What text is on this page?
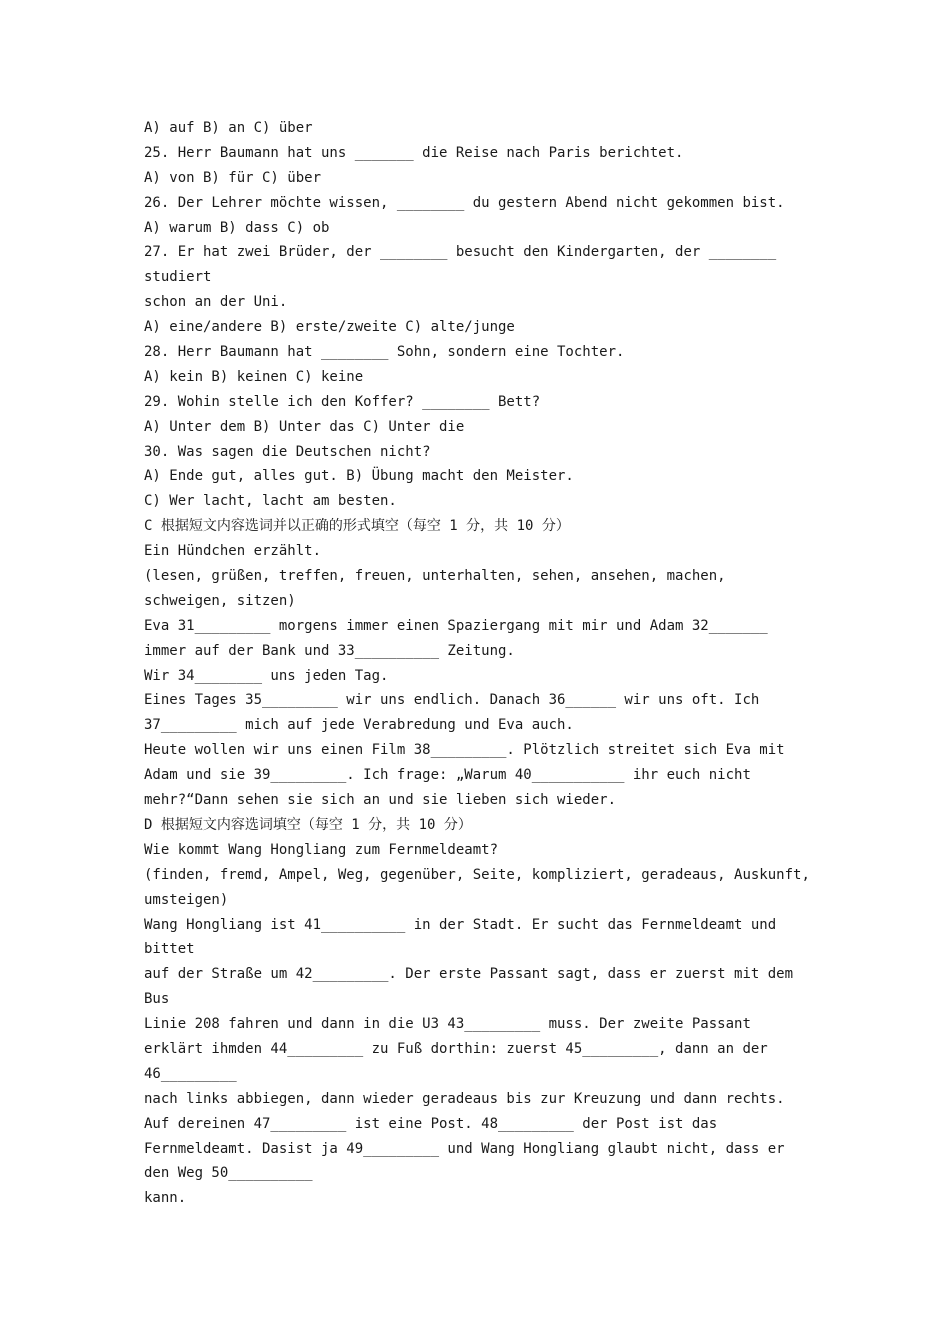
A) auf B) an C) über

25. Herr Baumann hat uns _______ die Reise nach Paris berichtet.

A) von B) für C) über

26. Der Lehrer möchte wissen, ________ du gestern Abend nicht gekommen bist.

A) warum B) dass C) ob

27. Er hat zwei Brüder, der ________ besucht den Kindergarten, der ________

studiert

schon an der Uni.

A) eine/andere B) erste/zweite C) alte/junge

28. Herr Baumann hat ________ Sohn, sondern eine Tochter.

A) kein B) keinen C) keine

29. Wohin stelle ich den Koffer? ________ Bett?

A) Unter dem B) Unter das C) Unter die

30. Was sagen die Deutschen nicht?

A) Ende gut, alles gut. B) Übung macht den Meister.

C) Wer lacht, lacht am besten.

C 根据短文内容选词并以正确的形式填空（每空 1 分，共 10 分）

Ein Hündchen erzählt.

(lesen, grüßen, treffen, freuen, unterhalten, sehen, ansehen, machen,

schweigen, sitzen)

Eva 31_________ morgens immer einen Spaziergang mit mir und Adam 32_______

immer auf der Bank und 33__________ Zeitung.

Wir 34________ uns jeden Tag.

Eines Tages 35_________ wir uns endlich. Danach 36______ wir uns oft. Ich

37_________ mich auf jede Verabredung und Eva auch.

Heute wollen wir uns einen Film 38_________. Plötzlich streitet sich Eva mit

Adam und sie 39_________. Ich frage: „Warum 40___________ ihr euch nicht

mehr?“Dann sehen sie sich an und sie lieben sich wieder.

D 根据短文内容选词填空（每空 1 分，共 10 分）

Wie kommt Wang Hongliang zum Fernmeldeamt?

(finden, fremd, Ampel, Weg, gegenüber, Seite, kompliziert, geradeaus, Auskunft,

umsteigen)

Wang Hongliang ist 41__________ in der Stadt. Er sucht das Fernmeldeamt und

bittet

auf der Straße um 42_________. Der erste Passant sagt, dass er zuerst mit dem

Bus

Linie 208 fahren und dann in die U3 43_________ muss. Der zweite Passant

erklärt ihmden 44_________ zu Fuß dorthin: zuerst 45_________, dann an der

46_________

nach links abbiegen, dann wieder geradeaus bis zur Kreuzung und dann rechts.

Auf dereinen 47_________ ist eine Post. 48_________ der Post ist das

Fernmeldeamt. Dasist ja 49_________ und Wang Hongliang glaubt nicht, dass er

den Weg 50__________

kann.
